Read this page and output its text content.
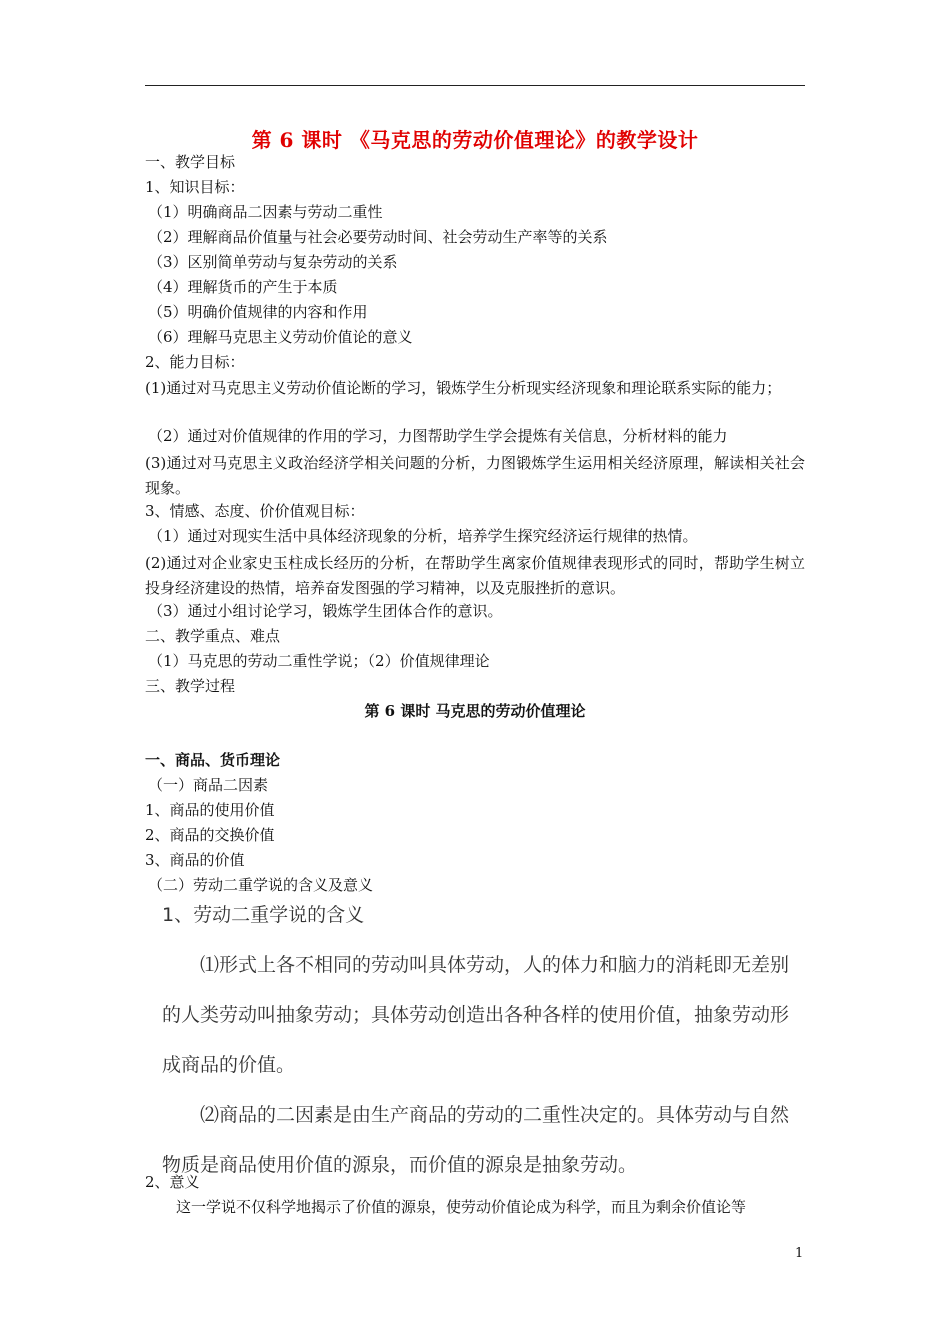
第 6 课时 《马克思的劳动价值理论》的教学设计
一、教学目标
1、知识目标：
（1）明确商品二因素与劳动二重性
（2）理解商品价值量与社会必要劳动时间、社会劳动生产率等的关系
（3）区别简单劳动与复杂劳动的关系
（4）理解货币的产生于本质
（5）明确价值规律的内容和作用
（6）理解马克思主义劳动价值论的意义
2、能力目标：
(1)通过对马克思主义劳动价值论断的学习，锻炼学生分析现实经济现象和理论联系实际的能力；
（2）通过对价值规律的作用的学习，力图帮助学生学会提炼有关信息，分析材料的能力
(3)通过对马克思主义政治经济学相关问题的分析，力图锻炼学生运用相关经济原理，解读相关社会现象。
3、情感、态度、价价值观目标：
（1）通过对现实生活中具体经济现象的分析，培养学生探究经济运行规律的热情。
(2)通过对企业家史玉柱成长经历的分析，在帮助学生离家价值规律表现形式的同时，帮助学生树立投身经济建设的热情，培养奋发图强的学习精神，以及克服挫折的意识。
（3）通过小组讨论学习，锻炼学生团体合作的意识。
二、教学重点、难点
（1）马克思的劳动二重性学说；（2）价值规律理论
三、教学过程
第 6 课时 马克思的劳动价值理论
一、商品、货币理论
（一）商品二因素
1、商品的使用价值
2、商品的交换价值
3、商品的价值
（二）劳动二重学说的含义及意义
1、劳动二重学说的含义
⑴形式上各不相同的劳动叫具体劳动，人的体力和脑力的消耗即无差别的人类劳动叫抽象劳动；具体劳动创造出各种各样的使用价值，抽象劳动形成商品的价值。
⑵商品的二因素是由生产商品的劳动的二重性决定的。具体劳动与自然物质是商品使用价值的源泉，而价值的源泉是抽象劳动。
2、意义
这一学说不仅科学地揭示了价值的源泉，使劳动价值论成为科学，而且为剩余价值论等
1
